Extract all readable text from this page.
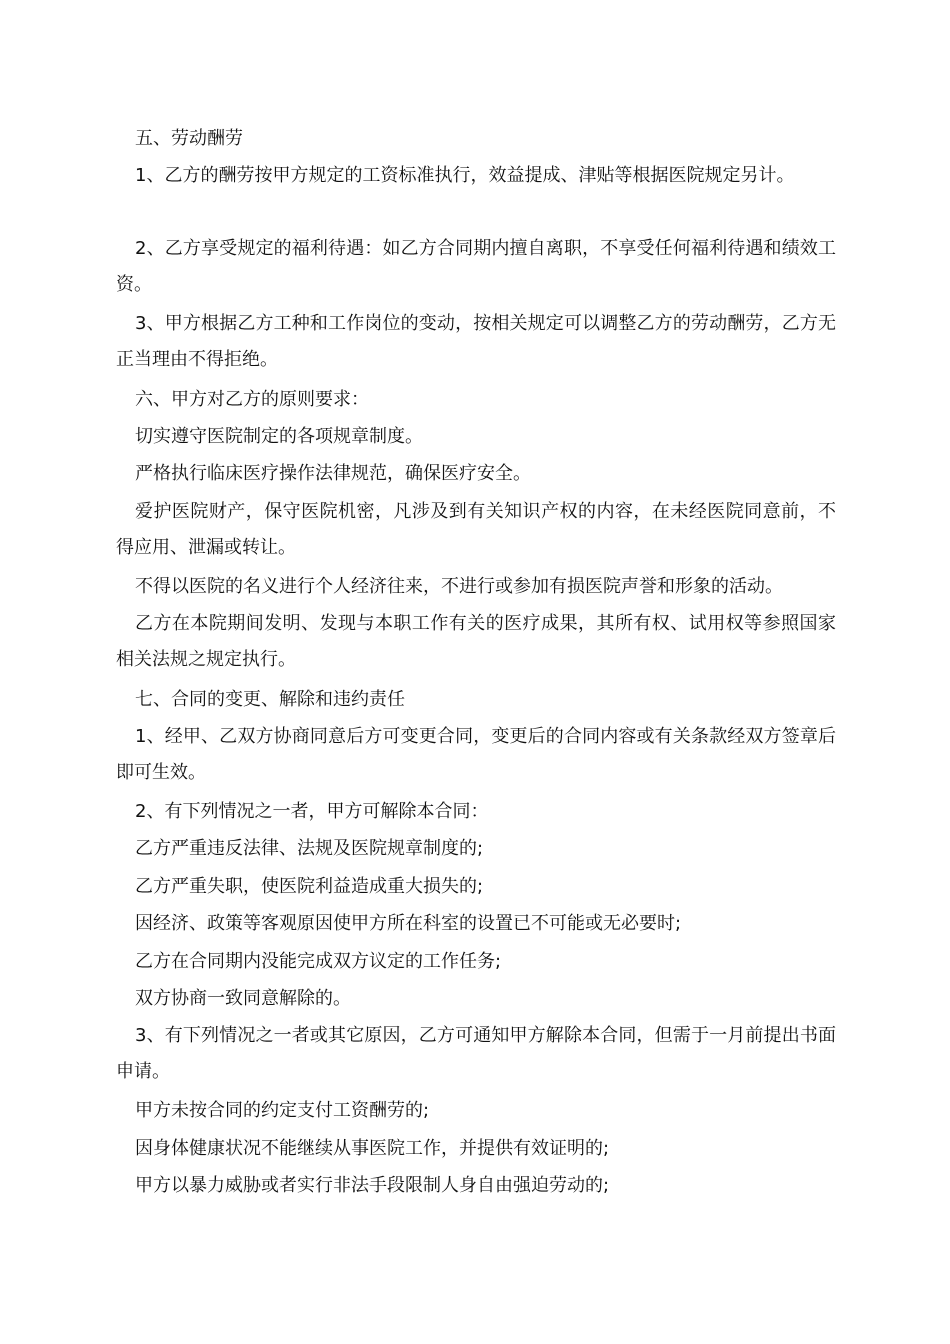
五、劳动酬劳

1、乙方的酬劳按甲方规定的工资标准执行，效益提成、津贴等根据医院规定另计。

2、乙方享受规定的福利待遇：如乙方合同期内擅自离职，不享受任何福利待遇和绩效工资。

3、甲方根据乙方工种和工作岗位的变动，按相关规定可以调整乙方的劳动酬劳，乙方无正当理由不得拒绝。

六、甲方对乙方的原则要求：

切实遵守医院制定的各项规章制度。

严格执行临床医疗操作法律规范，确保医疗安全。

爱护医院财产，保守医院机密，凡涉及到有关知识产权的内容，在未经医院同意前，不得应用、泄漏或转让。

不得以医院的名义进行个人经济往来，不进行或参加有损医院声誉和形象的活动。

乙方在本院期间发明、发现与本职工作有关的医疗成果，其所有权、试用权等参照国家相关法规之规定执行。

七、合同的变更、解除和违约责任

1、经甲、乙双方协商同意后方可变更合同，变更后的合同内容或有关条款经双方签章后即可生效。

2、有下列情况之一者，甲方可解除本合同：

乙方严重违反法律、法规及医院规章制度的;

乙方严重失职，使医院利益造成重大损失的;

因经济、政策等客观原因使甲方所在科室的设置已不可能或无必要时;

乙方在合同期内没能完成双方议定的工作任务;

双方协商一致同意解除的。

3、有下列情况之一者或其它原因，乙方可通知甲方解除本合同，但需于一月前提出书面申请。

甲方未按合同的约定支付工资酬劳的;

因身体健康状况不能继续从事医院工作，并提供有效证明的;

甲方以暴力威胁或者实行非法手段限制人身自由强迫劳动的;
